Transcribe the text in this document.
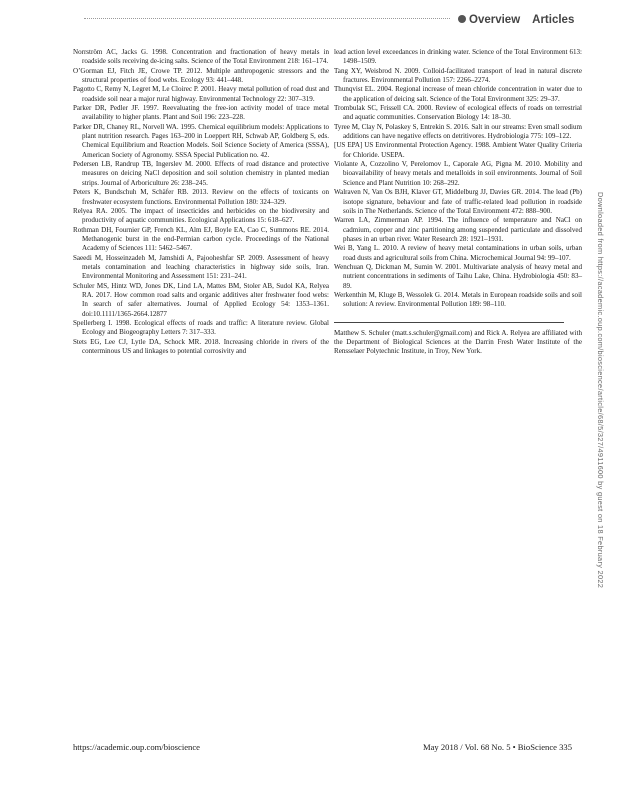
Overview Articles

Norrström AC, Jacks G. 1998. Concentration and fractionation of heavy metals in roadside soils receiving de-icing salts. Science of the Total Environment 218: 161–174.

O’Gorman EJ, Fitch JE, Crowe TP. 2012. Multiple anthropogenic stressors and the structural properties of food webs. Ecology 93: 441–448.

Pagotto C, Remy N, Legret M, Le Cloirec P. 2001. Heavy metal pollution of road dust and roadside soil near a major rural highway. Environmental Technology 22: 307–319.

Parker DR, Pedler JF. 1997. Reevaluating the free-ion activity model of trace metal availability to higher plants. Plant and Soil 196: 223–228.

Parker DR, Chaney RL, Norvell WA. 1995. Chemical equilibrium models: Applications to plant nutrition research. Pages 163–200 in Loeppert RH, Schwab AP, Goldberg S, eds. Chemical Equilibrium and Reaction Models. Soil Science Society of America (SSSA), American Society of Agronomy. SSSA Special Publication no. 42.

Pedersen LB, Randrup TB, Ingerslev M. 2000. Effects of road distance and protective measures on deicing NaCl deposition and soil solution chemistry in planted median strips. Journal of Arboriculture 26: 238–245.

Peters K, Bundschuh M, Schäfer RB. 2013. Review on the effects of toxicants on freshwater ecosystem functions. Environmental Pollution 180: 324–329.

Relyea RA. 2005. The impact of insecticides and herbicides on the biodiversity and productivity of aquatic communities. Ecological Applications 15: 618–627.

Rothman DH, Fournier GP, French KL, Alm EJ, Boyle EA, Cao C, Summons RE. 2014. Methanogenic burst in the end-Permian carbon cycle. Proceedings of the National Academy of Sciences 111: 5462–5467.

Saeedi M, Hosseinzadeh M, Jamshidi A, Pajooheshfar SP. 2009. Assessment of heavy metals contamination and leaching characteristics in highway side soils, Iran. Environmental Monitoring and Assessment 151: 231–241.

Schuler MS, Hintz WD, Jones DK, Lind LA, Mattes BM, Stoler AB, Sudol KA, Relyea RA. 2017. How common road salts and organic additives alter freshwater food webs: In search of safer alternatives. Journal of Applied Ecology 54: 1353–1361. doi:10.1111/1365-2664.12877

Spellerberg I. 1998. Ecological effects of roads and traffic: A literature review. Global Ecology and Biogeography Letters 7: 317–333.

Stets EG, Lee CJ, Lytle DA, Schock MR. 2018. Increasing chloride in rivers of the conterminous US and linkages to potential corrosivity and

lead action level exceedances in drinking water. Science of the Total Environment 613: 1498–1509.

Tang XY, Weisbrod N. 2009. Colloid-facilitated transport of lead in natural discrete fractures. Environmental Pollution 157: 2266–2274.

Thunqvist EL. 2004. Regional increase of mean chloride concentration in water due to the application of deicing salt. Science of the Total Environment 325: 29–37.

Trombulak SC, Frissell CA. 2000. Review of ecological effects of roads on terrestrial and aquatic communities. Conservation Biology 14: 18–30.

Tyree M, Clay N, Polaskey S, Entrekin S. 2016. Salt in our streams: Even small sodium additions can have negative effects on detritivores. Hydrobiologia 775: 109–122.

[US EPA] US Environmental Protection Agency. 1988. Ambient Water Quality Criteria for Chloride. USEPA.

Violante A, Cozzolino V, Perelomov L, Caporale AG, Pigna M. 2010. Mobility and bioavailability of heavy metals and metalloids in soil environments. Journal of Soil Science and Plant Nutrition 10: 268–292.

Walraven N, Van Os BJH, Klaver GT, Middelburg JJ, Davies GR. 2014. The lead (Pb) isotope signature, behaviour and fate of traffic-related lead pollution in roadside soils in The Netherlands. Science of the Total Environment 472: 888–900.

Warren LA, Zimmerman AP. 1994. The influence of temperature and NaCl on cadmium, copper and zinc partitioning among suspended particulate and dissolved phases in an urban river. Water Research 28: 1921–1931.

Wei B, Yang L. 2010. A review of heavy metal contaminations in urban soils, urban road dusts and agricultural soils from China. Microchemical Journal 94: 99–107.

Wenchuan Q, Dickman M, Sumin W. 2001. Multivariate analysis of heavy metal and nutrient concentrations in sediments of Taihu Lake, China. Hydrobiologia 450: 83–89.

Werkenthin M, Kluge B, Wessolek G. 2014. Metals in European roadside soils and soil solution: A review. Environmental Pollution 189: 98–110.

Matthew S. Schuler (matt.s.schuler@gmail.com) and Rick A. Relyea are affiliated with the Department of Biological Sciences at the Darrin Fresh Water Institute of the Rensselaer Polytechnic Institute, in Troy, New York.	Downloaded from https://academic.oup.com/bioscience/article/68/5/327/4911600 by guest on 18 February 2022
https://academic.oup.com/bioscience	May 2018 / Vol. 68 No. 5 • BioScience 335
